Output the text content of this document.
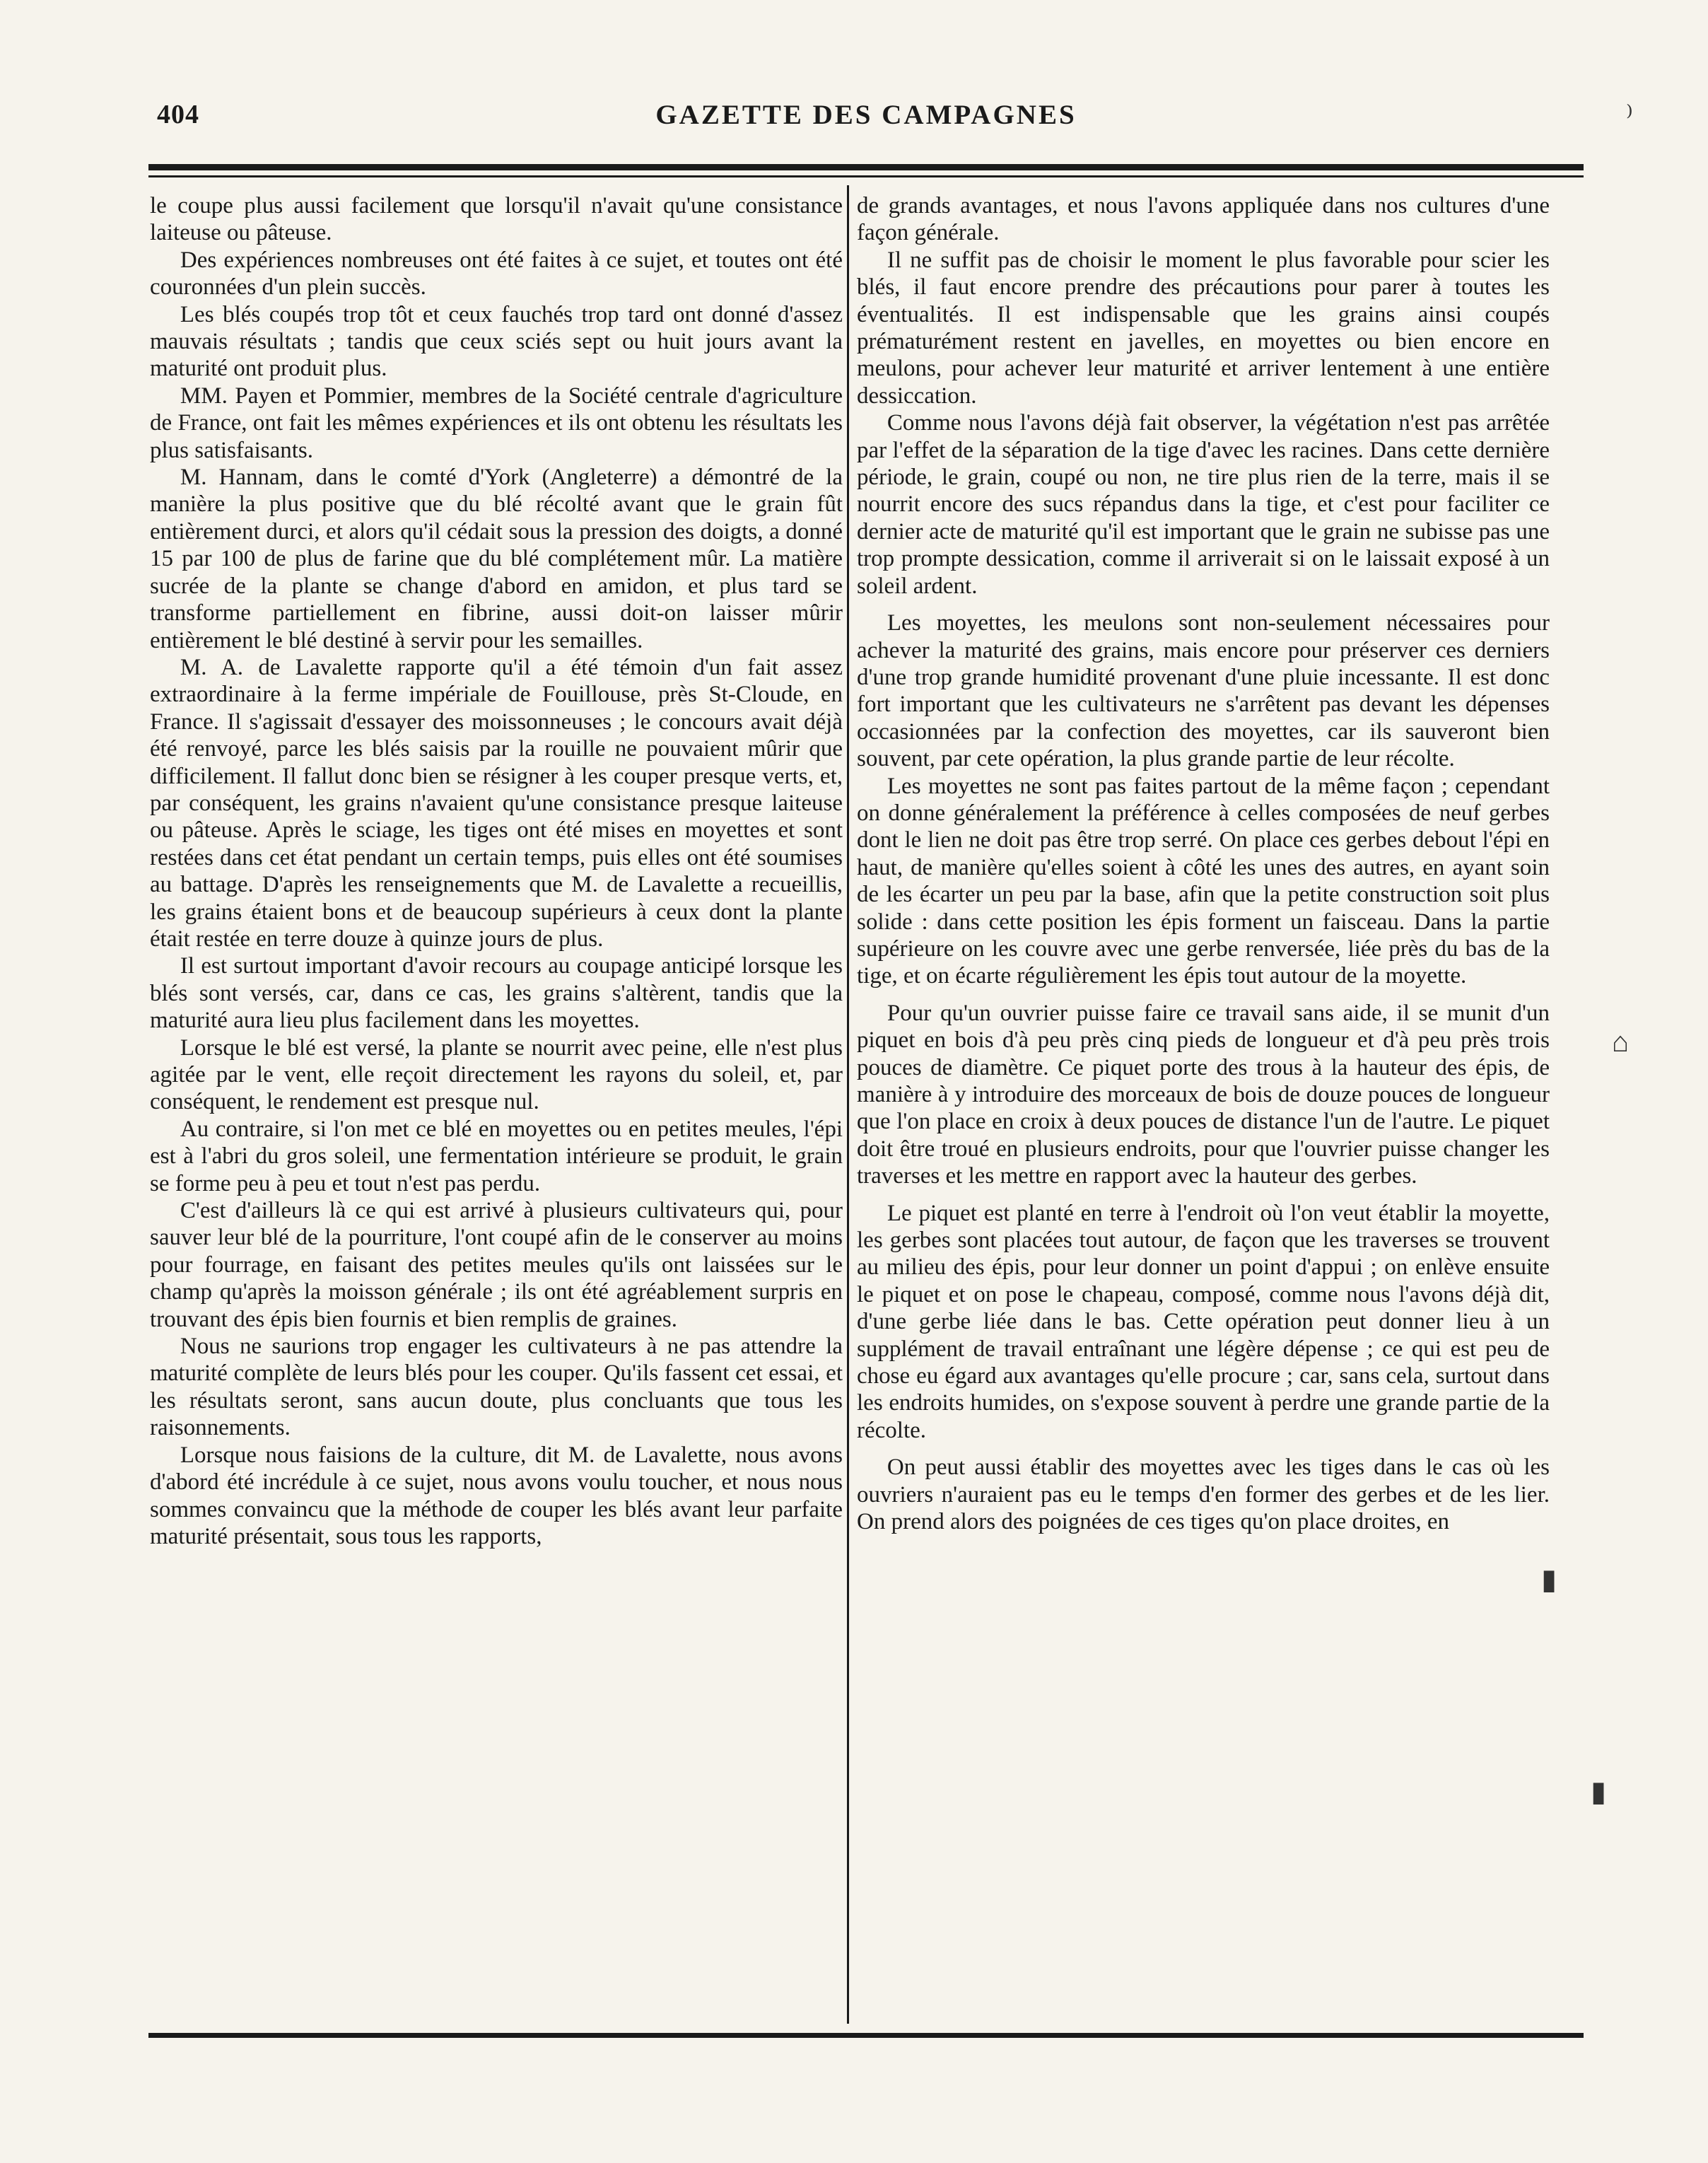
404	GAZETTE DES CAMPAGNES

le coupe plus aussi facilement que lorsqu'il n'avait qu'une consistance laiteuse ou pâteuse.

Des expériences nombreuses ont été faites à ce sujet, et toutes ont été couronnées d'un plein succès.

Les blés coupés trop tôt et ceux fauchés trop tard ont donné d'assez mauvais résultats ; tandis que ceux sciés sept ou huit jours avant la maturité ont produit plus.

MM. Payen et Pommier, membres de la Société centrale d'agriculture de France, ont fait les mêmes expériences et ils ont obtenu les résultats les plus satisfaisants.

M. Hannam, dans le comté d'York (Angleterre) a démontré de la manière la plus positive que du blé récolté avant que le grain fût entièrement durci, et alors qu'il cédait sous la pression des doigts, a donné 15 par 100 de plus de farine que du blé complétement mûr. La matière sucrée de la plante se change d'abord en amidon, et plus tard se transforme partiellement en fibrine, aussi doit-on laisser mûrir entièrement le blé destiné à servir pour les semailles.

M. A. de Lavalette rapporte qu'il a été témoin d'un fait assez extraordinaire à la ferme impériale de Fouillouse, près St-Cloude, en France. Il s'agissait d'essayer des moissonneuses ; le concours avait déjà été renvoyé, parce les blés saisis par la rouille ne pouvaient mûrir que difficilement. Il fallut donc bien se résigner à les couper presque verts, et, par conséquent, les grains n'avaient qu'une consistance presque laiteuse ou pâteuse. Après le sciage, les tiges ont été mises en moyettes et sont restées dans cet état pendant un certain temps, puis elles ont été soumises au battage. D'après les renseignements que M. de Lavalette a recueillis, les grains étaient bons et de beaucoup supérieurs à ceux dont la plante était restée en terre douze à quinze jours de plus.

Il est surtout important d'avoir recours au coupage anticipé lorsque les blés sont versés, car, dans ce cas, les grains s'altèrent, tandis que la maturité aura lieu plus facilement dans les moyettes.

Lorsque le blé est versé, la plante se nourrit avec peine, elle n'est plus agitée par le vent, elle reçoit directement les rayons du soleil, et, par conséquent, le rendement est presque nul.

Au contraire, si l'on met ce blé en moyettes ou en petites meules, l'épi est à l'abri du gros soleil, une fermentation intérieure se produit, le grain se forme peu à peu et tout n'est pas perdu.

C'est d'ailleurs là ce qui est arrivé à plusieurs cultivateurs qui, pour sauver leur blé de la pourriture, l'ont coupé afin de le conserver au moins pour fourrage, en faisant des petites meules qu'ils ont laissées sur le champ qu'après la moisson générale ; ils ont été agréablement surpris en trouvant des épis bien fournis et bien remplis de graines.

Nous ne saurions trop engager les cultivateurs à ne pas attendre la maturité complète de leurs blés pour les couper. Qu'ils fassent cet essai, et les résultats seront, sans aucun doute, plus concluants que tous les raisonnements.

Lorsque nous faisions de la culture, dit M. de Lavalette, nous avons d'abord été incrédule à ce sujet, nous avons voulu toucher, et nous nous sommes convaincu que la méthode de couper les blés avant leur parfaite maturité présentait, sous tous les rapports,

de grands avantages, et nous l'avons appliquée dans nos cultures d'une façon générale.

Il ne suffit pas de choisir le moment le plus favorable pour scier les blés, il faut encore prendre des précautions pour parer à toutes les éventualités. Il est indispensable que les grains ainsi coupés prématurément restent en javelles, en moyettes ou bien encore en meulons, pour achever leur maturité et arriver lentement à une entière dessiccation.

Comme nous l'avons déjà fait observer, la végétation n'est pas arrêtée par l'effet de la séparation de la tige d'avec les racines. Dans cette dernière période, le grain, coupé ou non, ne tire plus rien de la terre, mais il se nourrit encore des sucs répandus dans la tige, et c'est pour faciliter ce dernier acte de maturité qu'il est important que le grain ne subisse pas une trop prompte dessication, comme il arriverait si on le laissait exposé à un soleil ardent.

Les moyettes, les meulons sont non-seulement nécessaires pour achever la maturité des grains, mais encore pour préserver ces derniers d'une trop grande humidité provenant d'une pluie incessante. Il est donc fort important que les cultivateurs ne s'arrêtent pas devant les dépenses occasionnées par la confection des moyettes, car ils sauveront bien souvent, par cete opération, la plus grande partie de leur récolte.

Les moyettes ne sont pas faites partout de la même façon ; cependant on donne généralement la préférence à celles composées de neuf gerbes dont le lien ne doit pas être trop serré. On place ces gerbes debout l'épi en haut, de manière qu'elles soient à côté les unes des autres, en ayant soin de les écarter un peu par la base, afin que la petite construction soit plus solide : dans cette position les épis forment un faisceau. Dans la partie supérieure on les couvre avec une gerbe renversée, liée près du bas de la tige, et on écarte régulièrement les épis tout autour de la moyette.

Pour qu'un ouvrier puisse faire ce travail sans aide, il se munit d'un piquet en bois d'à peu près cinq pieds de longueur et d'à peu près trois pouces de diamètre. Ce piquet porte des trous à la hauteur des épis, de manière à y introduire des morceaux de bois de douze pouces de longueur que l'on place en croix à deux pouces de distance l'un de l'autre. Le piquet doit être troué en plusieurs endroits, pour que l'ouvrier puisse changer les traverses et les mettre en rapport avec la hauteur des gerbes.

Le piquet est planté en terre à l'endroit où l'on veut établir la moyette, les gerbes sont placées tout autour, de façon que les traverses se trouvent au milieu des épis, pour leur donner un point d'appui ; on enlève ensuite le piquet et on pose le chapeau, composé, comme nous l'avons déjà dit, d'une gerbe liée dans le bas. Cette opération peut donner lieu à un supplément de travail entraînant une légère dépense ; ce qui est peu de chose eu égard aux avantages qu'elle procure ; car, sans cela, surtout dans les endroits humides, on s'expose souvent à perdre une grande partie de la récolte.

On peut aussi établir des moyettes avec les tiges dans le cas où les ouvriers n'auraient pas eu le temps d'en former des gerbes et de les lier. On prend alors des poignées de ces tiges qu'on place droites, en

⁾
⌂
▮
▮
